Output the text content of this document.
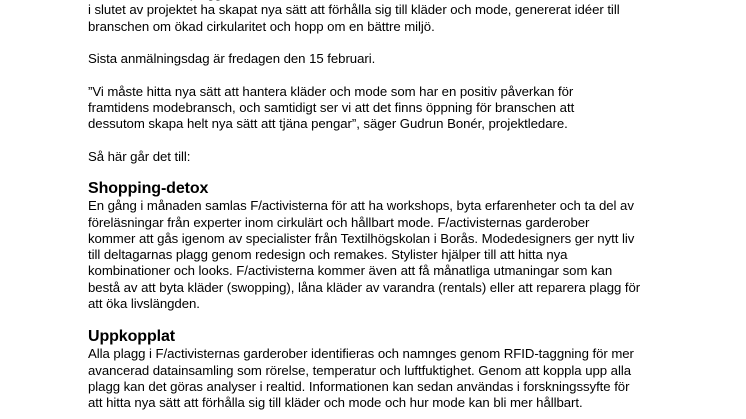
i slutet av projektet ha skapat nya sätt att förhålla sig till kläder och mode, genererat idéer till
branschen om ökad cirkularitet och hopp om en bättre miljö.

Sista anmälningsdag är fredagen den 15 februari.

”Vi måste hitta nya sätt att hantera kläder och mode som har en positiv påverkan för
framtidens modebransch, och samtidigt ser vi att det finns öppning för branschen att
dessutom skapa helt nya sätt att tjäna pengar”, säger Gudrun Bonér, projektledare.

Så här går det till:

Shopping-detox

En gång i månaden samlas F/activisterna för att ha workshops, byta erfarenheter och ta del av
föreläsningar från experter inom cirkulärt och hållbart mode. F/activisternas garderober
kommer att gås igenom av specialister från Textilhögskolan i Borås. Modedesigners ger nytt liv
till deltagarnas plagg genom redesign och remakes. Stylister hjälper till att hitta nya
kombinationer och looks. F/activisterna kommer även att få månatliga utmaningar som kan
bestå av att byta kläder (swopping), låna kläder av varandra (rentals) eller att reparera plagg för
att öka livslängden.

Uppkopplat

Alla plagg i F/activisternas garderober identifieras och namnges genom RFID-taggning för mer
avancerad datainsamling som rörelse, temperatur och luftfuktighet. Genom att koppla upp alla
plagg kan det göras analyser i realtid. Informationen kan sedan användas i forskningssyfte för
att hitta nya sätt att förhålla sig till kläder och mode och hur mode kan bli mer hållbart.
